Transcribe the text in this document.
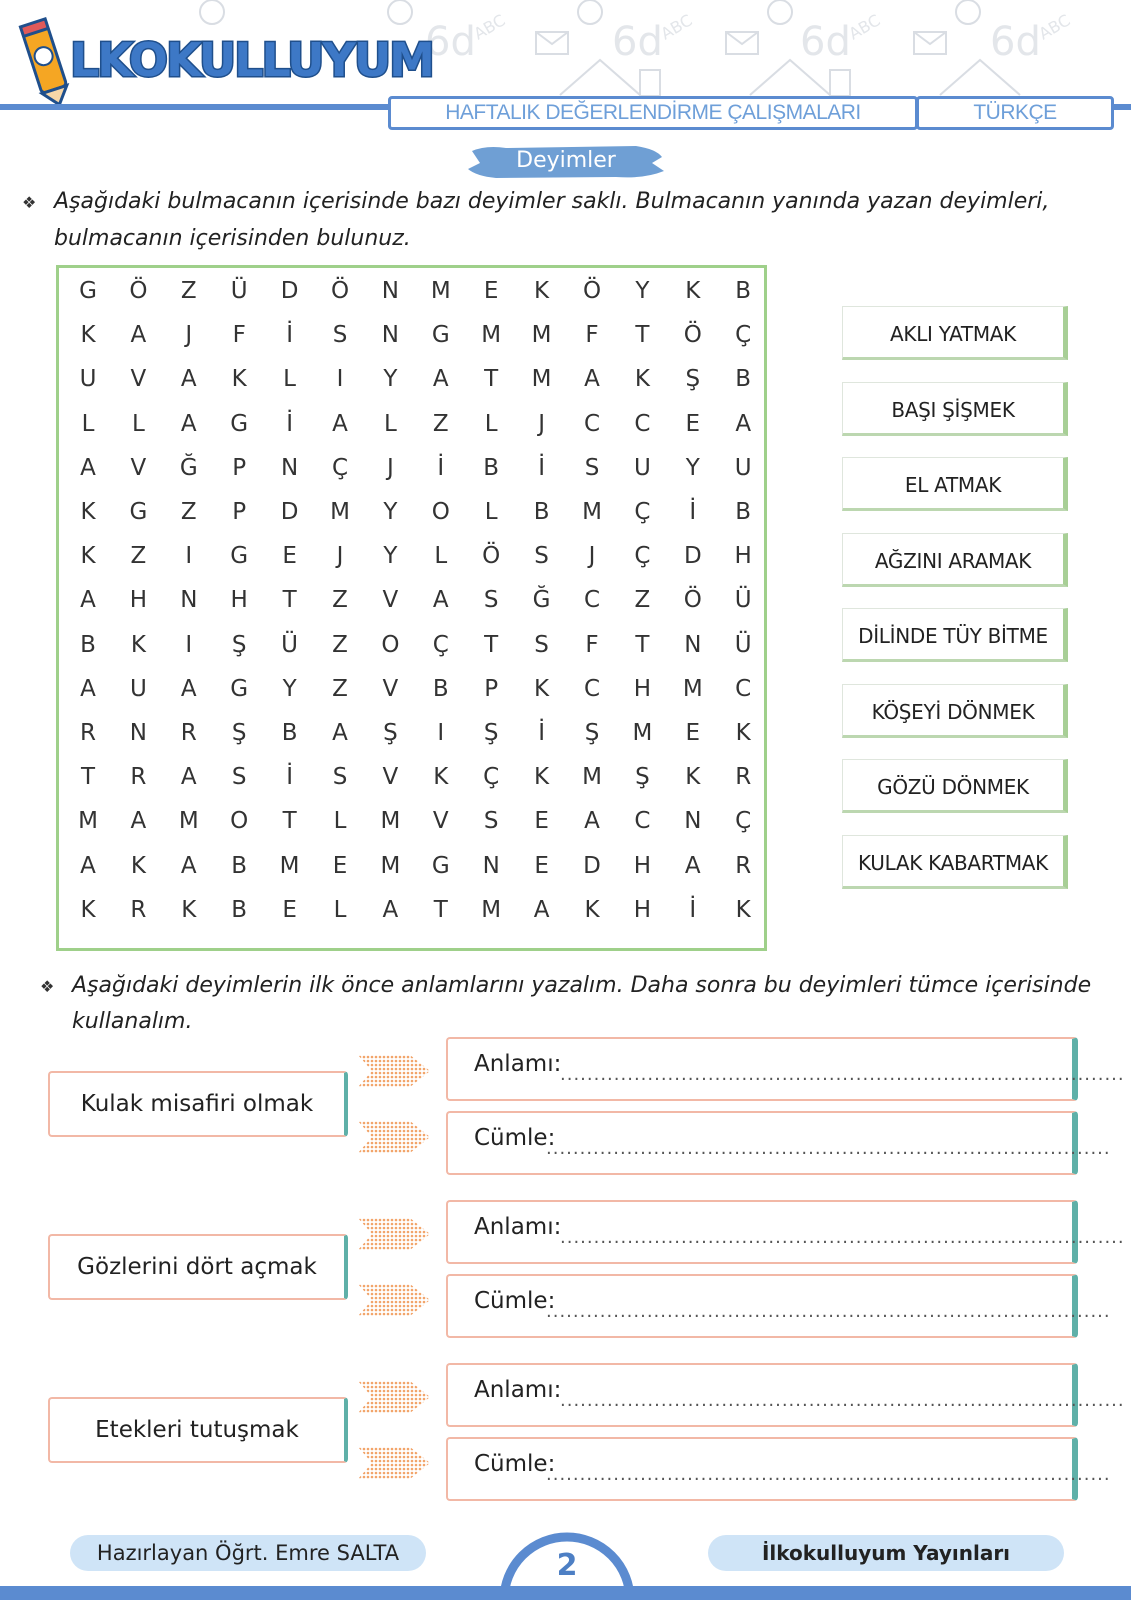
6d	6d	6d	6d
ABC	ABC	ABC	ABC
LKOKULLUYUM
İLKOKULLUYUM
HAFTALIK DEĞERLENDİRME ÇALIŞMALARI	TÜRKÇE
Deyimler
❖ Aşağıdaki bulmacanın içerisinde bazı deyimler saklı. Bulmacanın yanında yazan deyimleri,
bulmacanın içerisinden bulunuz.
G	Ö	Z	Ü	D	Ö	N	M	E	K	Ö	Y	K	B
K	A	J	F	İ	S	N	G	M	M	F	T	Ö	Ç
U	V	A	K	L	I	Y	A	T	M	A	K	Ş	B
L	L	A	G	İ	A	L	Z	L	J	C	C	E	A
A	V	Ğ	P	N	Ç	J	İ	B	İ	S	U	Y	U
K	G	Z	P	D	M	Y	O	L	B	M	Ç	İ	B
K	Z	I	G	E	J	Y	L	Ö	S	J	Ç	D	H
A	H	N	H	T	Z	V	A	S	Ğ	C	Z	Ö	Ü
B	K	I	Ş	Ü	Z	O	Ç	T	S	F	T	N	Ü
A	U	A	G	Y	Z	V	B	P	K	C	H	M	C
R	N	R	Ş	B	A	Ş	I	Ş	İ	Ş	M	E	K
T	R	A	S	İ	S	V	K	Ç	K	M	Ş	K	R
M	A	M	O	T	L	M	V	S	E	A	C	N	Ç
A	K	A	B	M	E	M	G	N	E	D	H	A	R
K	R	K	B	E	L	A	T	M	A	K	H	İ	K
AKLI YATMAK
BAŞI ŞİŞMEK
EL ATMAK
AĞZINI ARAMAK
DİLİNDE TÜY BİTME
KÖŞEYİ DÖNMEK
GÖZÜ DÖNMEK
KULAK KABARTMAK
❖ Aşağıdaki deyimlerin ilk önce anlamlarını yazalım. Daha sonra bu deyimleri tümce içerisinde
kullanalım.
Kulak misafiri olmak
Anlamı:
....................................................................................
Cümle:
....................................................................................
Gözlerini dört açmak
Anlamı:
....................................................................................
Cümle:
....................................................................................
Etekleri tutuşmak
Anlamı:
....................................................................................
Cümle:
....................................................................................
Hazırlayan Öğrt. Emre SALTA	2	İlkokulluyum Yayınları
